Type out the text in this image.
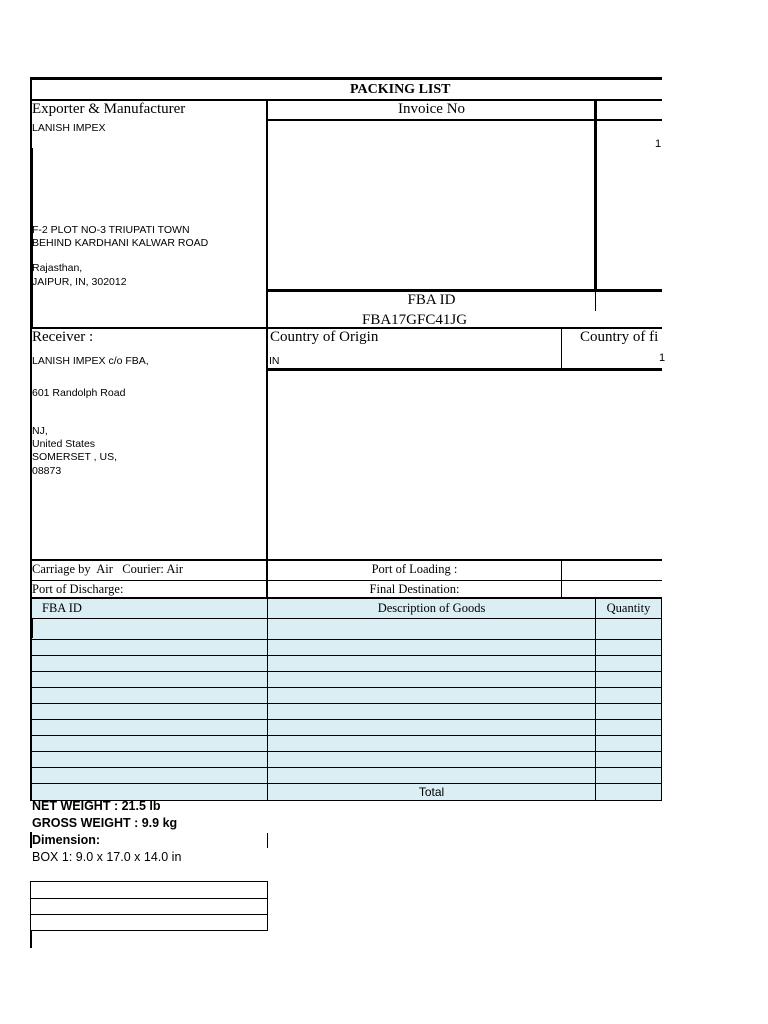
PACKING LIST
Exporter & Manufacturer
LANISH IMPEX
F-2 PLOT NO-3 TRIUPATI TOWN
BEHIND KARDHANI KALWAR ROAD
Rajasthan,
JAIPUR, IN, 302012
Invoice No
1
FBA ID
FBA17GFC41JG
Receiver :
LANISH IMPEX c/o FBA,
601 Randolph Road
NJ,
United States
SOMERSET , US,
08873
Country of Origin
IN
Country of fi
1
Carriage by  Air   Courier: Air	Port of Loading :
Port of Discharge:	Final Destination:
FBA ID	Description of Goods	Quantity
Total
NET WEIGHT : 21.5 lb
GROSS WEIGHT : 9.9 kg
Dimension:
BOX 1: 9.0 x 17.0 x 14.0 in
